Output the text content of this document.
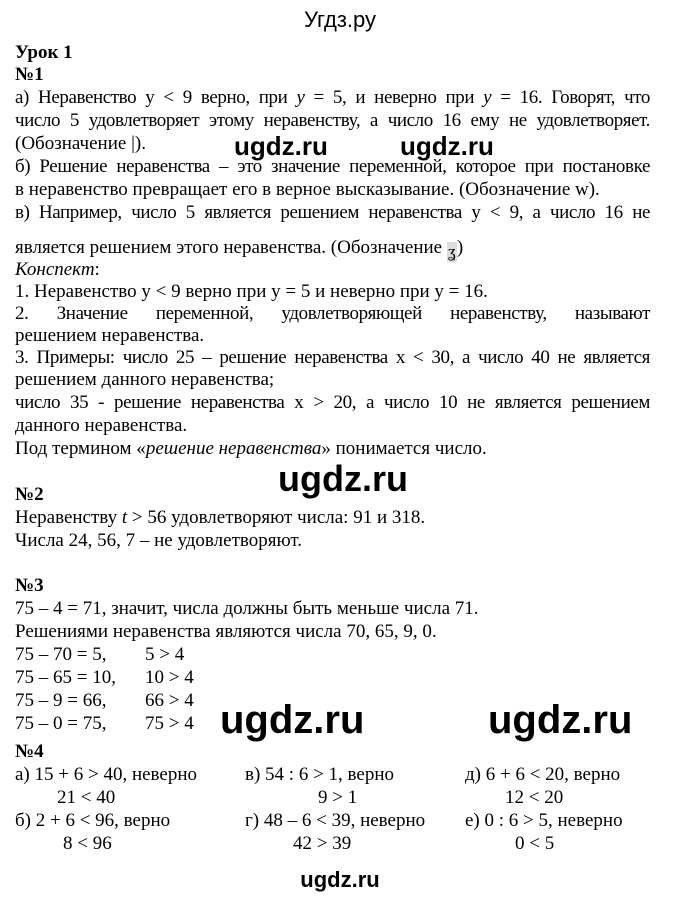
Угдз.ру
Урок 1
№1
а) Неравенство у < 9 верно, при y = 5, и неверно при y = 16. Говорят, что
число 5 удовлетворяет этому неравенству, а число 16 ему не удовлетворяет.
(Обозначение |).
б) Решение неравенства – это значение переменной, которое при постановке
в неравенство превращает его в верное высказывание. (Обозначение w).
в) Например, число 5 является решением неравенства у < 9, а число 16 не
является решением этого неравенства. (Обозначение ʓ)
Конспект:
1. Неравенство у < 9 верно при у = 5 и неверно при у = 16.
2. Значение переменной, удовлетворяющей неравенству, называют
решением неравенства.
3. Примеры: число 25 – решение неравенства х < 30, а число 40 не является
решением данного неравенства;
число 35 - решение неравенства х > 20, а число 10 не является решением
данного неравенства.
Под термином «решение неравенства» понимается число.
№2
Неравенству t > 56 удовлетворяют числа: 91 и 318.
Числа 24, 56, 7 – не удовлетворяют.
№3
75 – 4 = 71, значит, числа должны быть меньше числа 71.
Решениями неравенства являются числа 70, 65, 9, 0.
75 – 70 = 5, 5 > 4
75 – 65 = 10, 10 > 4
75 – 9 = 66, 66 > 4
75 – 0 = 75, 75 > 4
№4
а) 15 + 6 > 40, неверно
21 < 40
в) 54 : 6 > 1, верно
9 > 1
д) 6 + 6 < 20, верно
12 < 20
б) 2 + 6 < 96, верно
8 < 96
г) 48 – 6 < 39, неверно
42 > 39
е) 0 : 6 > 5, неверно
0 < 5
ugdz.ru	ugdz.ru
ugdz.ru
ugdz.ru	ugdz.ru
ugdz.ru
